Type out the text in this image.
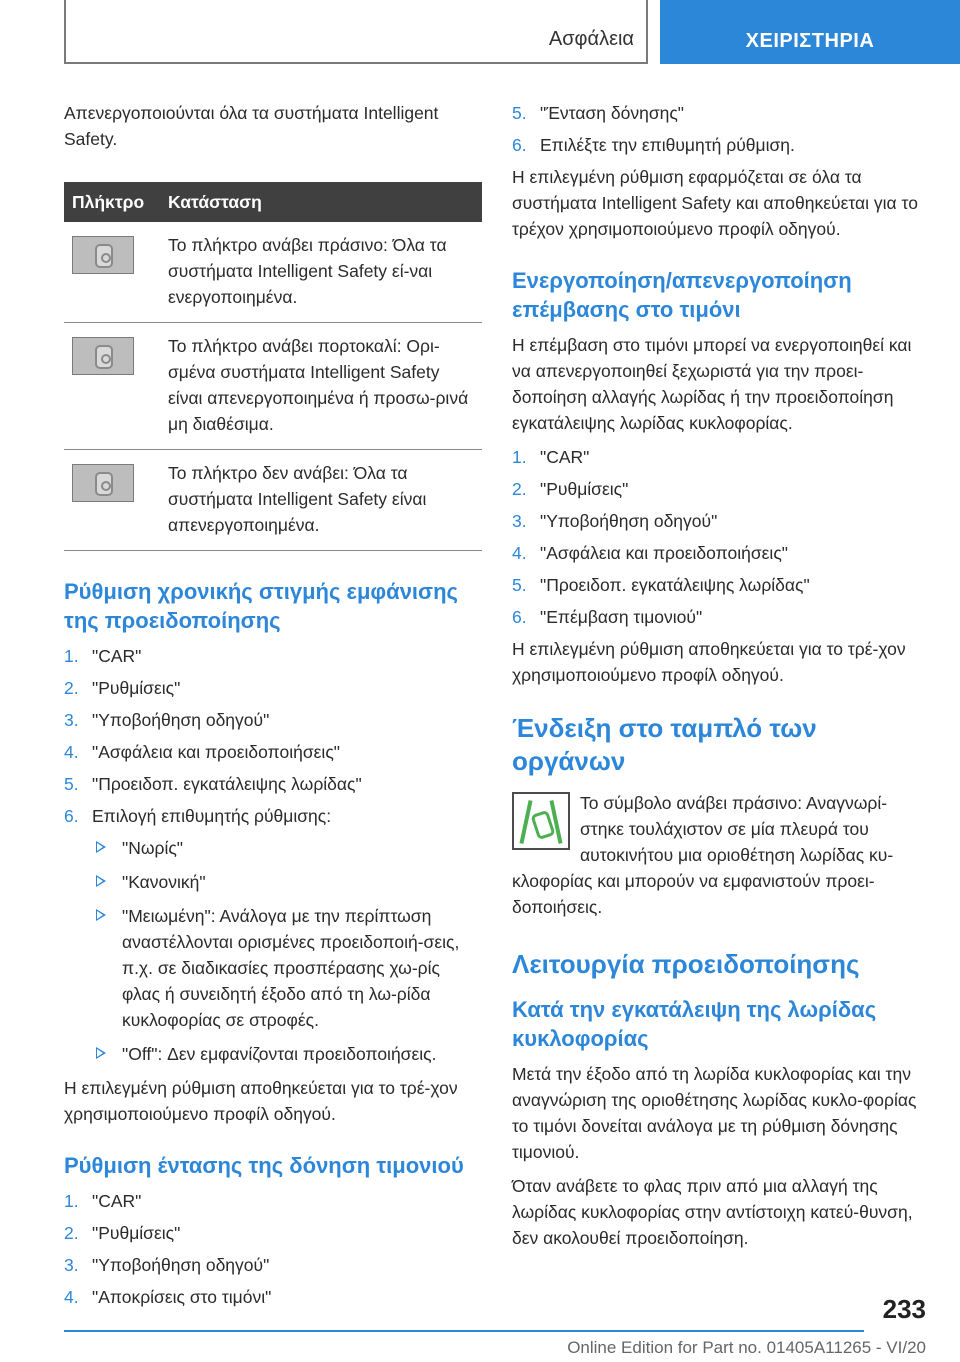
Ασφάλεια	ΧΕΙΡΙΣΤΗΡΙΑ

Απενεργοποιούνται όλα τα συστήματα Intelligent Safety.

Πλήκτρο	Κατάσταση

	Το πλήκτρο ανάβει πράσινο: Όλα τα συστήματα Intelligent Safety εί‐ναι ενεργοποιημένα.

	Το πλήκτρο ανάβει πορτοκαλί: Ορι‐σμένα συστήματα Intelligent Safety είναι απενεργοποιημένα ή προσω‐ρινά μη διαθέσιμα.

	Το πλήκτρο δεν ανάβει: Όλα τα συστήματα Intelligent Safety είναι απενεργοποιημένα.
Ρύθμιση χρονικής στιγμής εμφάνισης της προειδοποίησης
1. "CAR"
2. "Ρυθμίσεις"
3. "Υποβοήθηση οδηγού"
4. "Ασφάλεια και προειδοποιήσεις"
5. "Προειδοπ. εγκατάλειψης λωρίδας"
6. Επιλογή επιθυμητής ρύθμισης:
"Νωρίς"
"Κανονική"
"Μειωμένη": Ανάλογα με την περίπτωση αναστέλλονται ορισμένες προειδοποιή‐σεις, π.χ. σε διαδικασίες προσπέρασης χω‐ρίς φλας ή συνειδητή έξοδο από τη λω‐ρίδα κυκλοφορίας σε στροφές.
"Off": Δεν εμφανίζονται προειδοποιήσεις.

Η επιλεγμένη ρύθμιση αποθηκεύεται για το τρέ‐χον χρησιμοποιούμενο προφίλ οδηγού.

Ρύθμιση έντασης της δόνηση τιμονιού
1. "CAR"
2. "Ρυθμίσεις"
3. "Υποβοήθηση οδηγού"
4. "Αποκρίσεις στο τιμόνι"
5. "Ένταση δόνησης"
6. Επιλέξτε την επιθυμητή ρύθμιση.

Η επιλεγμένη ρύθμιση εφαρμόζεται σε όλα τα συστήματα Intelligent Safety και αποθηκεύεται για το τρέχον χρησιμοποιούμενο προφίλ οδηγού.

Ενεργοποίηση/απενεργοποίηση επέμβασης στο τιμόνι

Η επέμβαση στο τιμόνι μπορεί να ενεργοποιηθεί και να απενεργοποιηθεί ξεχωριστά για την προει‐δοποίηση αλλαγής λωρίδας ή την προειδοποίηση εγκατάλειψης λωρίδας κυκλοφορίας.

1. "CAR"
2. "Ρυθμίσεις"
3. "Υποβοήθηση οδηγού"
4. "Ασφάλεια και προειδοποιήσεις"
5. "Προειδοπ. εγκατάλειψης λωρίδας"
6. "Επέμβαση τιμονιού"

Η επιλεγμένη ρύθμιση αποθηκεύεται για το τρέ‐χον χρησιμοποιούμενο προφίλ οδηγού.

Ένδειξη στο ταμπλό των οργάνων

Το σύμβολο ανάβει πράσινο: Αναγνωρί‐στηκε τουλάχιστον σε μία πλευρά του αυτοκινήτου μια οριοθέτηση λωρίδας κυ‐κλοφορίας και μπορούν να εμφανιστούν προει‐δοποιήσεις.

Λειτουργία προειδοποίησης
Κατά την εγκατάλειψη της λωρίδας κυκλοφορίας

Μετά την έξοδο από τη λωρίδα κυκλοφορίας και την αναγνώριση της οριοθέτησης λωρίδας κυκλο‐φορίας το τιμόνι δονείται ανάλογα με τη ρύθμιση δόνησης τιμονιού.

Όταν ανάβετε το φλας πριν από μια αλλαγή της λωρίδας κυκλοφορίας στην αντίστοιχη κατεύ‐θυνση, δεν ακολουθεί προειδοποίηση.

233
Online Edition for Part no. 01405A11265 - VI/20
